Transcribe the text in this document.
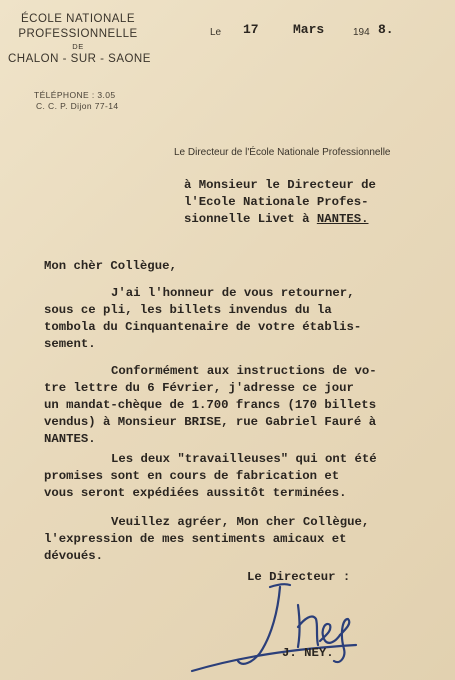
ÉCOLE NATIONALE
PROFESSIONNELLE
DE
CHALON - SUR - SAONE
TÉLÉPHONE : 3.05
C. C. P. Dijon 77-14
Le 17	Mars	194 8.
Le Directeur de l'École Nationale Professionnelle
à Monsieur le Directeur de
l'Ecole Nationale Profes-
sionnelle Livet à NANTES.
Mon chèr Collègue,
J'ai l'honneur de vous retourner,
sous ce pli, les billets invendus du la
tombola du Cinquantenaire de votre établis-
sement.
Conformément aux instructions de vo-
tre lettre du 6 Février, j'adresse ce jour
un mandat-chèque de 1.700 francs (170 billets
vendus) à Monsieur BRISE, rue Gabriel Fauré à
NANTES.
Les deux "travailleuses" qui ont été
promises sont en cours de fabrication et
vous seront expédiées aussitôt terminées.
Veuillez agréer, Mon cher Collègue,
l'expression de mes sentiments amicaux et
dévoués.
Le Directeur :
J. NEY.
